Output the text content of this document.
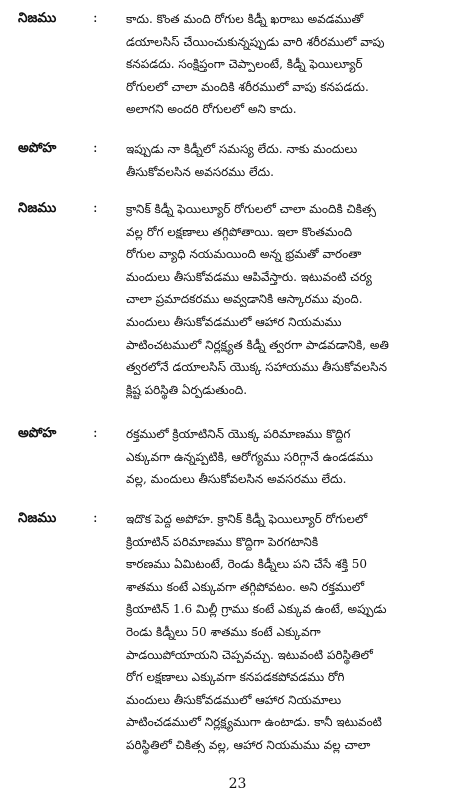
నిజము	: కాదు. కొంత మంది రోగుల కిడ్నీ ఖరాబు అవడముతో
డయాలసిస్ చేయించుకున్నప్పుడు వారి శరీరములో వాపు
కనపడదు. సంక్షిప్తంగా చెప్పాలంటే, కిడ్నీ ఫెయిల్యూర్
రోగులలో చాలా మందికి శరీరములో వాపు కనపడదు.
అలాగని అందరి రోగులలో అని కాదు.
అపోహ	: ఇప్పుడు నా కిడ్నీలో సమస్య లేదు. నాకు మందులు
తీసుకోవలసిన అవసరము లేదు.
నిజము	: క్రానిక్ కిడ్నీ ఫెయిల్యూర్ రోగులలో చాలా మందికి చికిత్స
వల్ల రోగ లక్షణాలు తగ్గిపోతాయి. ఇలా కొంతమంది
రోగుల వ్యాధి నయమయింది అన్న భ్రమతో వారంతా
మందులు తీసుకోవడము ఆపివేస్తారు. ఇటువంటి చర్య
చాలా ప్రమాదకరము అవ్వడానికి ఆస్కారము వుంది.
మందులు తీసుకోవడములో ఆహార నియమము
పాటించటములో నిర్లక్ష్యత కిడ్నీ త్వరగా పాడవడానికి, అతి
త్వరలోనే డయాలసిస్ యొక్క సహాయము తీసుకోవలసిన
క్లిష్ట పరిస్థితి ఏర్పడుతుంది.
అపోహ	: రక్తములో క్రియాటినిన్ యొక్క పరిమాణము కొద్దిగ
ఎక్కువగా ఉన్నప్పటికి, ఆరోగ్యము సరిగ్గానే ఉండడము
వల్ల, మందులు తీసుకోవలసిన అవసరము లేదు.
నిజము	: ఇదొక పెద్ద అపోహ. క్రానిక్ కిడ్నీ ఫెయిల్యూర్ రోగులలో
క్రియాటిన్ పరిమాణము కొద్దిగా పెరగటానికి
కారణము ఏమిటంటే, రెండు కిడ్నీలు పని చేసే శక్తి 50
శాతము కంటే ఎక్కువగా తగ్గిపోవటం. అని రక్తములో
క్రియాటిన్ 1.6 మిల్లీ గ్రాము కంటే ఎక్కువ ఉంటే, అప్పుడు
రెండు కిడ్నీలు 50 శాతము కంటే ఎక్కువగా
పాడయిపోయాయని చెప్పవచ్చు. ఇటువంటి పరిస్థితిలో
రోగ లక్షణాలు ఎక్కువగా కనపడకపోవడము రోగి
మందులు తీసుకోవడములో ఆహార నియమాలు
పాటించడములో నిర్లక్ష్యముగా ఉంటాడు. కానీ ఇటువంటి
పరిస్థితిలో చికిత్స వల్ల, ఆహార నియమము వల్ల చాలా
23
